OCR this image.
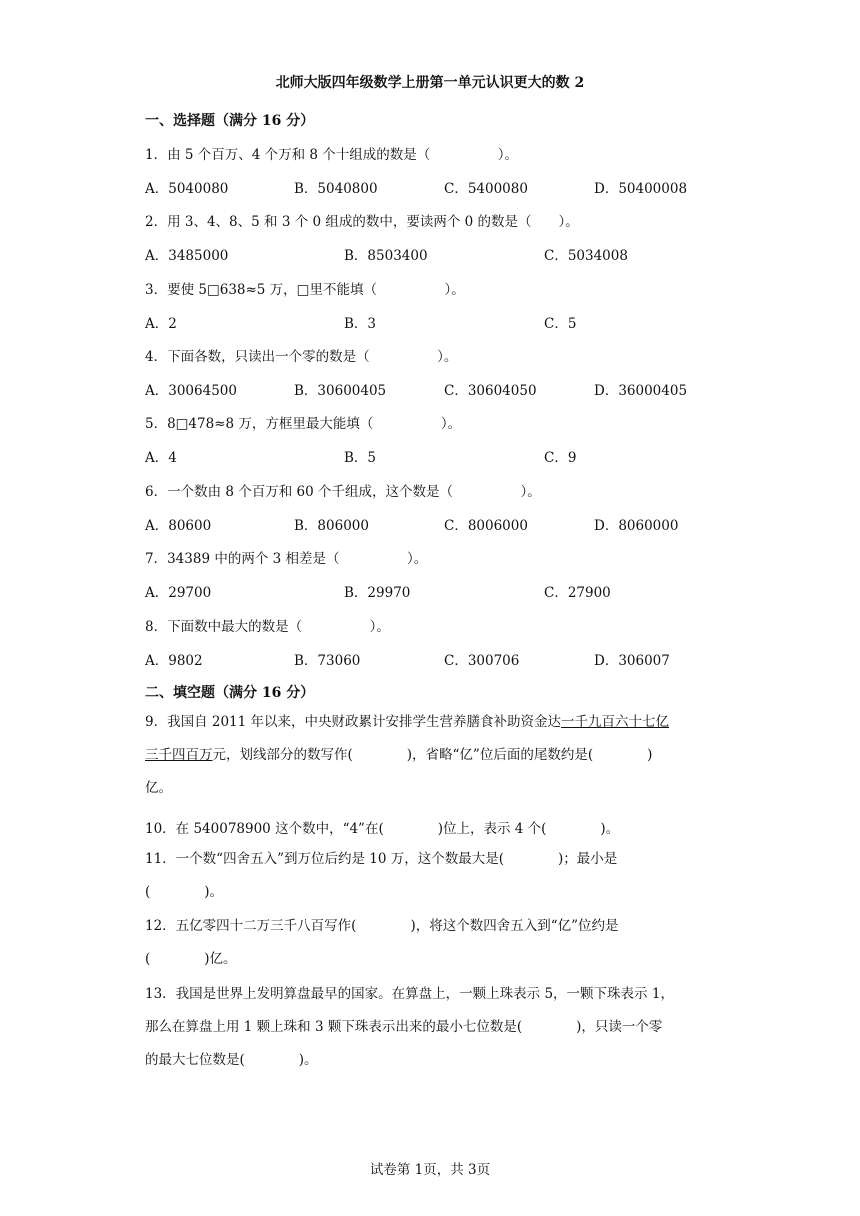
北师大版四年级数学上册第一单元认识更大的数 2
一、选择题（满分 16 分）
1．由 5 个百万、4 个万和 8 个十组成的数是（　　　　　）。
A．5040080	B．5040800	C．5400080	D．50400008
2．用 3、4、8、5 和 3 个 0 组成的数中，要读两个 0 的数是（　　）。
A．3485000	B．8503400	C．5034008
3．要使 5□638≈5 万，□里不能填（　　　　　）。
A．2	B．3	C．5
4．下面各数，只读出一个零的数是（　　　　　）。
A．30064500	B．30600405	C．30604050	D．36000405
5．8□478≈8 万，方框里最大能填（　　　　　）。
A．4	B．5	C．9
6．一个数由 8 个百万和 60 个千组成，这个数是（　　　　　）。
A．80600	B．806000	C．8006000	D．8060000
7．34389 中的两个 3 相差是（　　　　　）。
A．29700	B．29970	C．27900
8．下面数中最大的数是（　　　　　）。
A．9802	B．73060	C．300706	D．306007
二、填空题（满分 16 分）
9．我国自 2011 年以来，中央财政累计安排学生营养膳食补助资金达一千九百六十七亿
三千四百万元，划线部分的数写作(　　　　)，省略“亿”位后面的尾数约是(　　　　)
亿。
10．在 540078900 这个数中，“4”在(　　　　)位上，表示 4 个(　　　　)。
11．一个数“四舍五入”到万位后约是 10 万，这个数最大是(　　　　)；最小是
(　　　　)。
12．五亿零四十二万三千八百写作(　　　　)，将这个数四舍五入到“亿”位约是
(　　　　)亿。
13．我国是世界上发明算盘最早的国家。在算盘上，一颗上珠表示 5，一颗下珠表示 1，
那么在算盘上用 1 颗上珠和 3 颗下珠表示出来的最小七位数是(　　　　)，只读一个零
的最大七位数是(　　　　)。
试卷第 1页，共 3页
